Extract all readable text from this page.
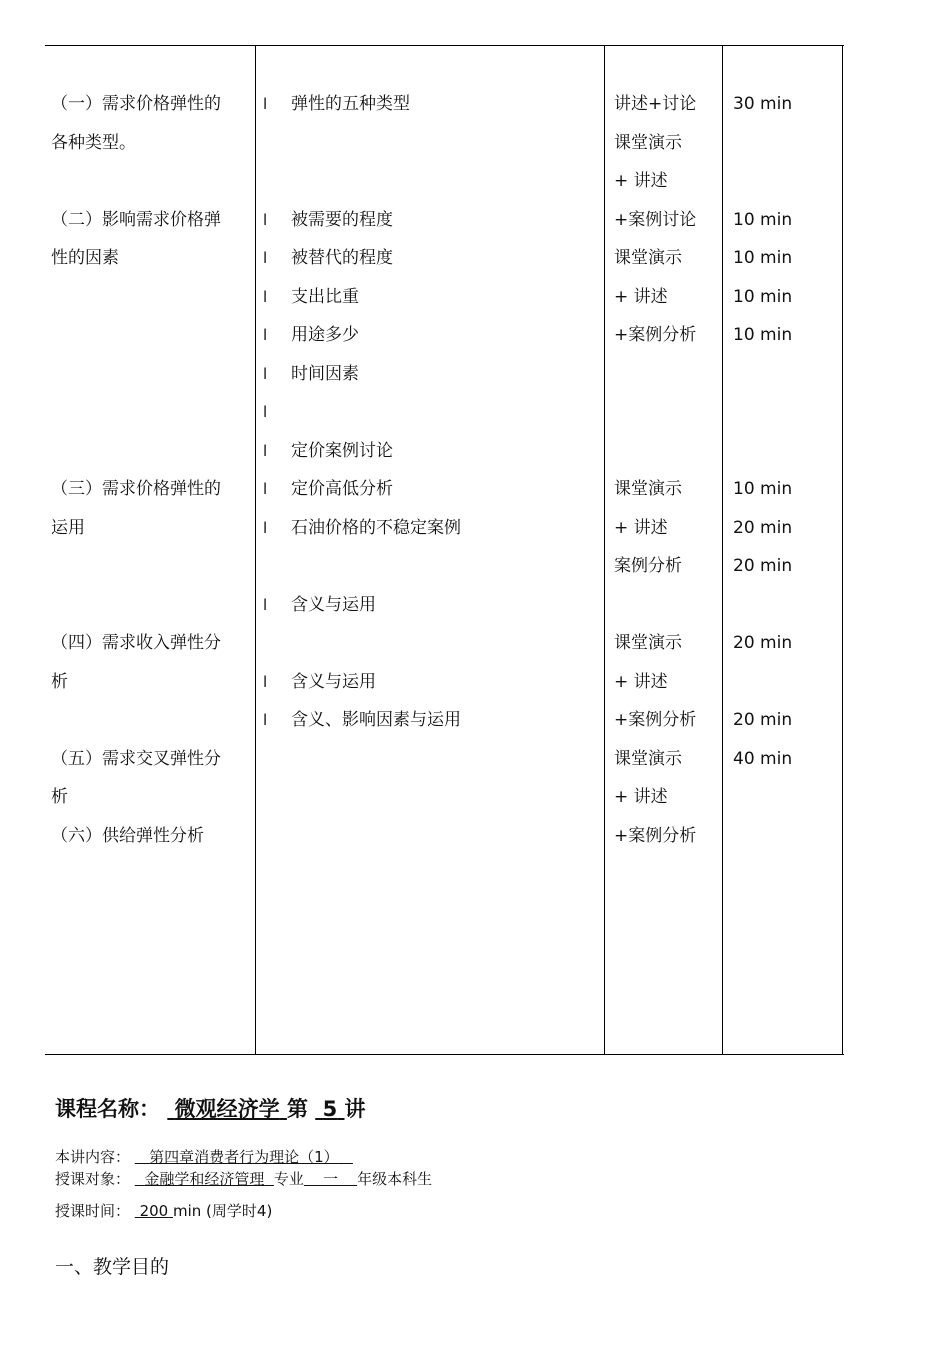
（一）需求价格弹性的
各种类型。
（二）影响需求价格弹
性的因素
（三）需求价格弹性的
运用
（四）需求收入弹性分
析
（五）需求交叉弹性分
析
（六）供给弹性分析
l 弹性的五种类型
l 被需要的程度
l 被替代的程度
l 支出比重
l 用途多少
l 时间因素
l
l 定价案例讨论
l 定价高低分析
l 石油价格的不稳定案例
l 含义与运用
l 含义与运用
l 含义、影响因素与运用
讲述+讨论
课堂演示
+ 讲述
+案例讨论
课堂演示
+ 讲述
+案例分析
课堂演示
+ 讲述
案例分析
课堂演示
+ 讲述
+案例分析
课堂演示
+ 讲述
+案例分析
30 min
10 min
10 min
10 min
10 min
10 min
20 min
20 min
20 min
20 min
40 min
课程名称： 微观经济学 第 5 讲
本讲内容： 第四章消费者行为理论（1）
授课对象： 金融学和经济管理 专业 一 年级本科生
授课时间： 200 min (周学时4)
一、教学目的
